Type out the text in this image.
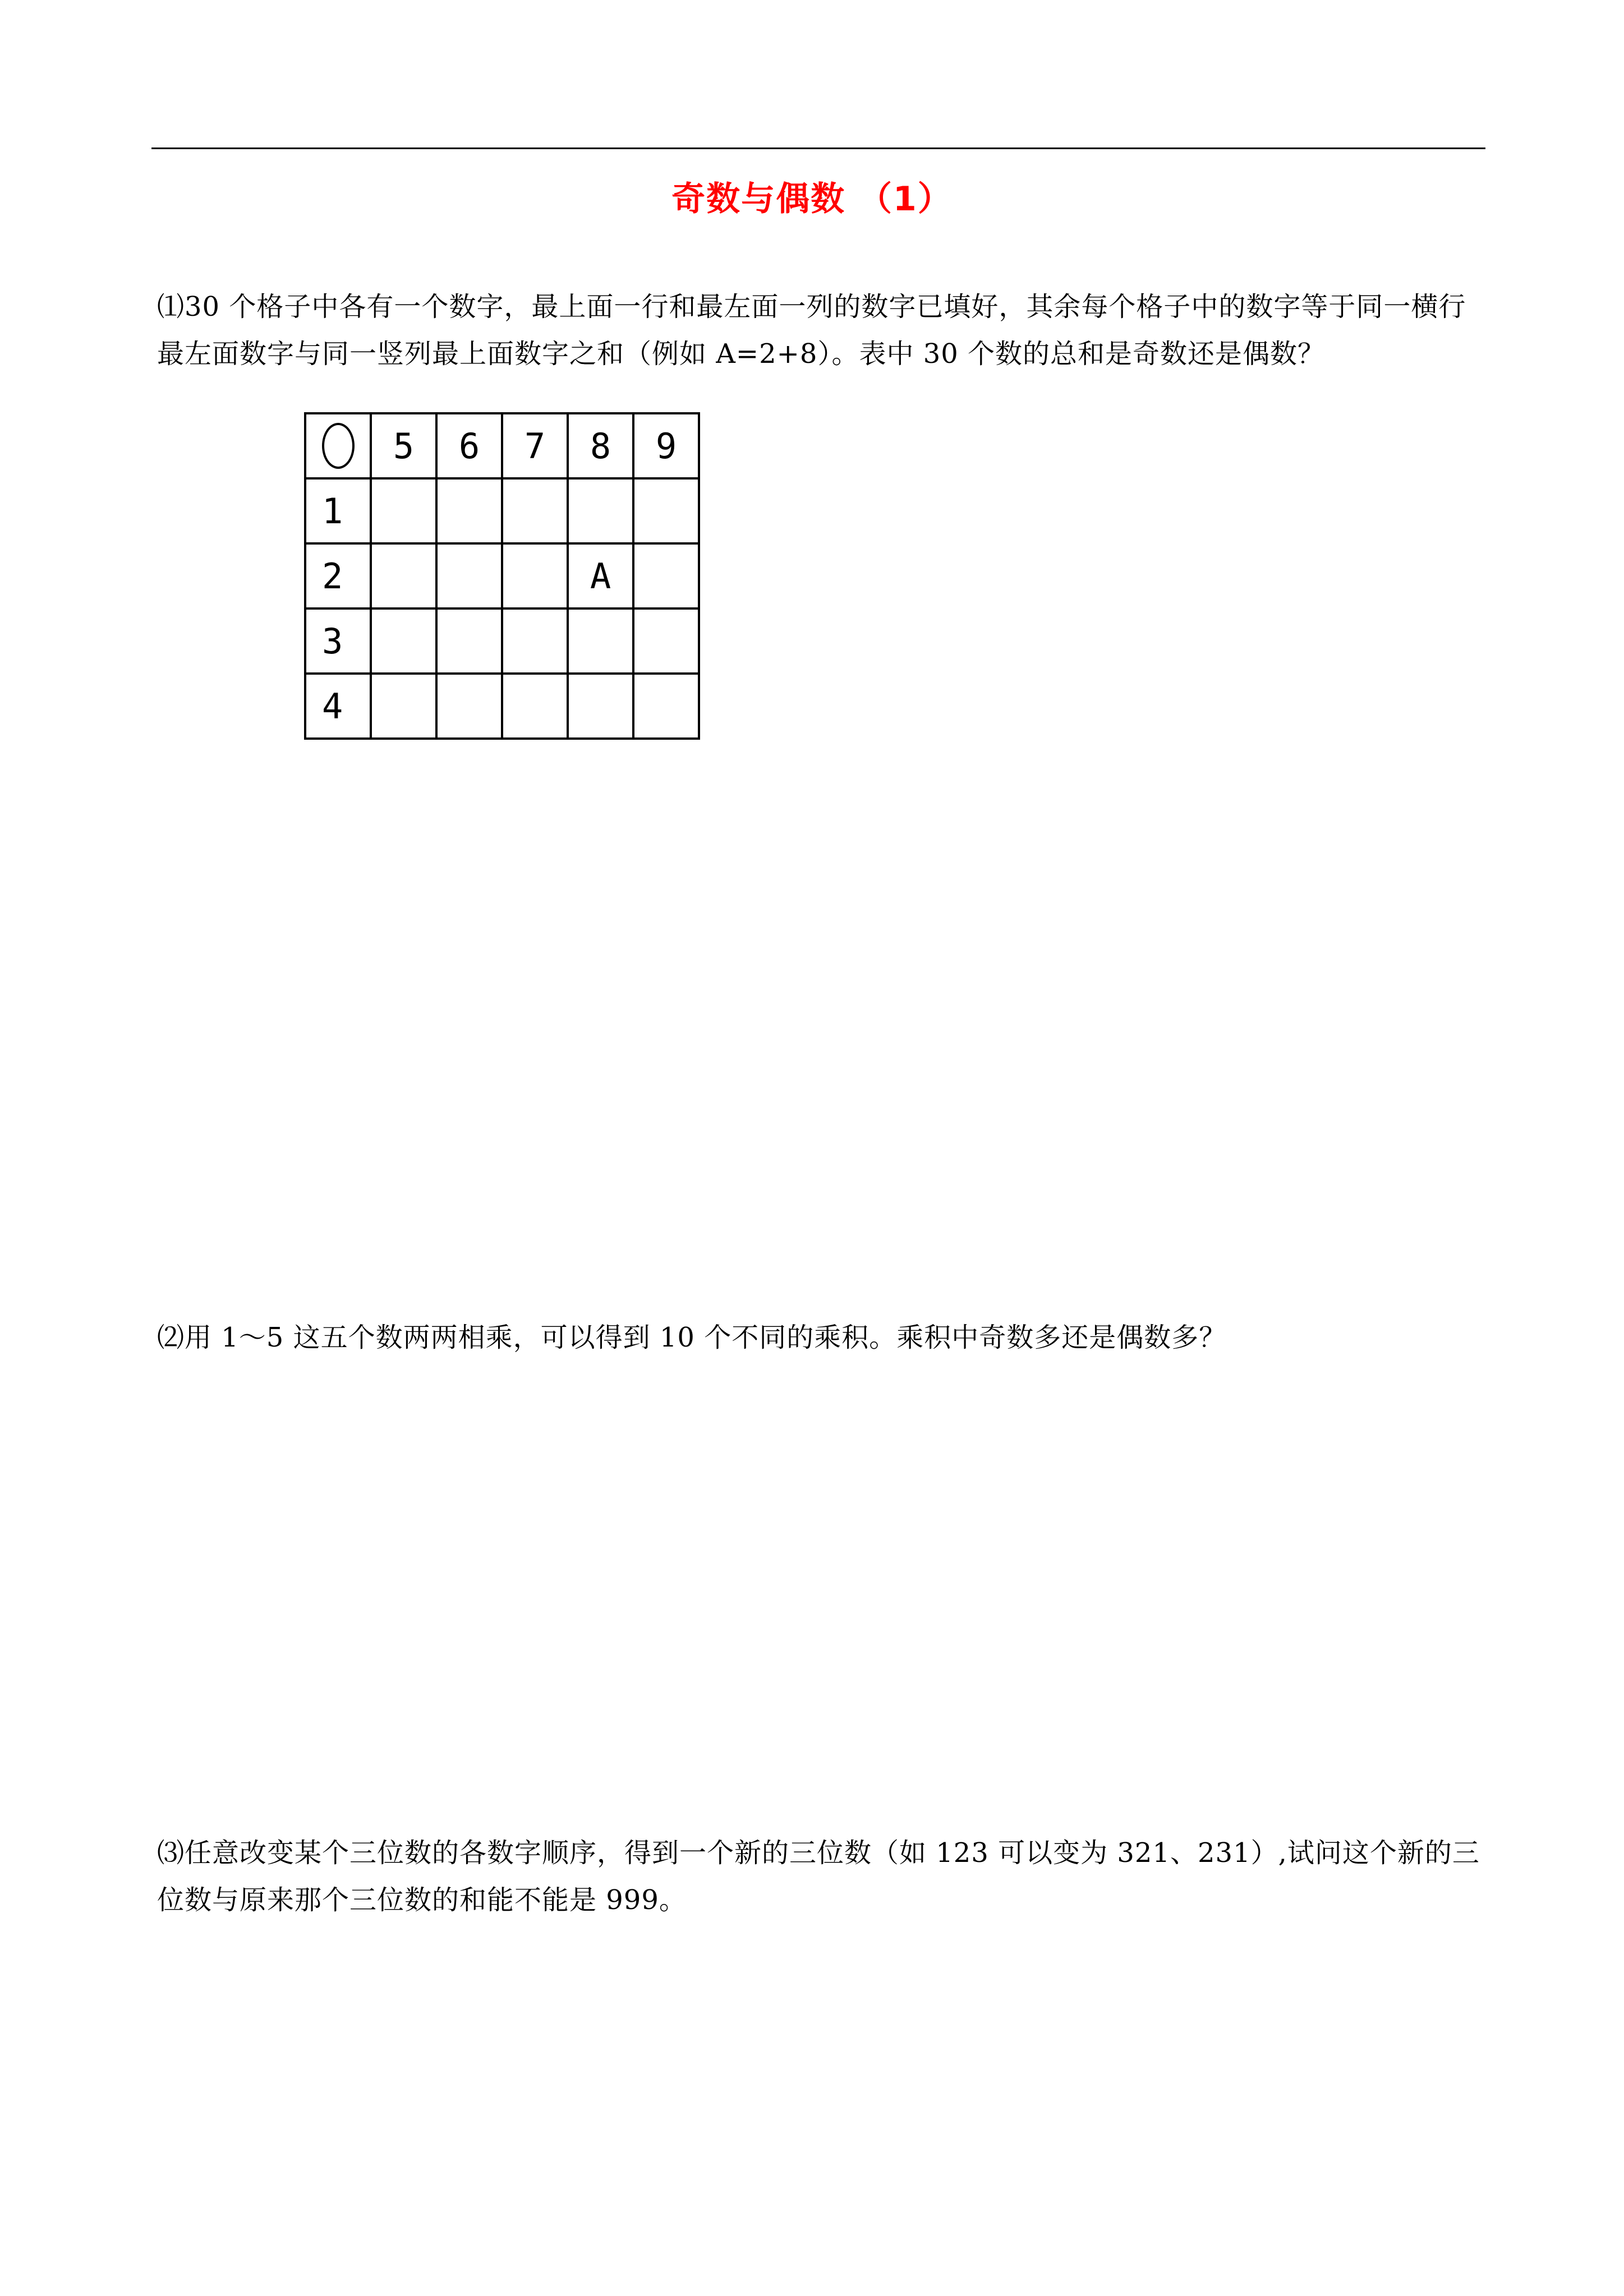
奇数与偶数 （1）
⑴30 个格子中各有一个数字，最上面一行和最左面一列的数字已填好，其余每个格子中的数字等于同一横行最左面数字与同一竖列最上面数字之和（例如 A=2+8）。表中 30 个数的总和是奇数还是偶数？
	5	6	7	8	9
1					
2				A	
3					
4					
⑵用 1～5 这五个数两两相乘，可以得到 10 个不同的乘积。乘积中奇数多还是偶数多？
⑶任意改变某个三位数的各数字顺序，得到一个新的三位数（如 123 可以变为 321、231）,试问这个新的三位数与原来那个三位数的和能不能是 999。
